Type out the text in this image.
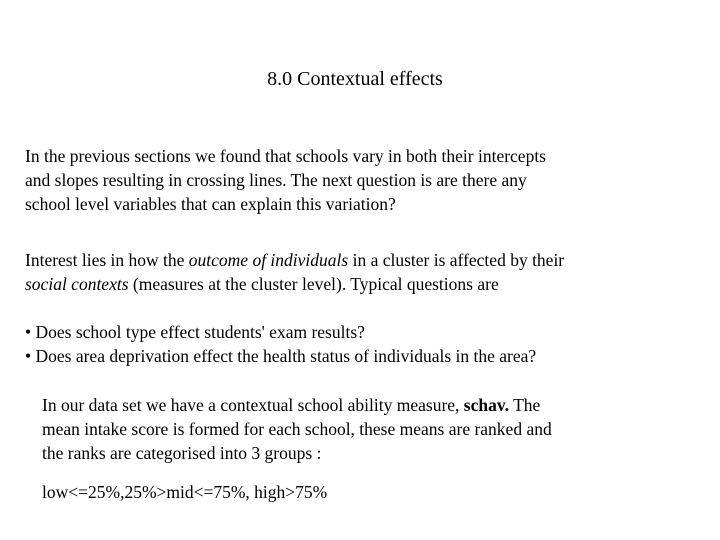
8.0 Contextual effects
In the previous sections we found that schools vary in both their intercepts
and slopes resulting in crossing lines. The next question is are there any
school level variables that can explain this variation?
Interest lies in how the outcome of individuals in a cluster is affected by their
social contexts (measures at the cluster level). Typical questions are
• Does school type effect students' exam results?
• Does area deprivation effect the health status of individuals in the area?
In our data set we have a contextual school ability measure, schav. The
mean intake score is formed for each school, these means are ranked and
the ranks are categorised into 3 groups :
low<=25%,25%>mid<=75%, high>75%
